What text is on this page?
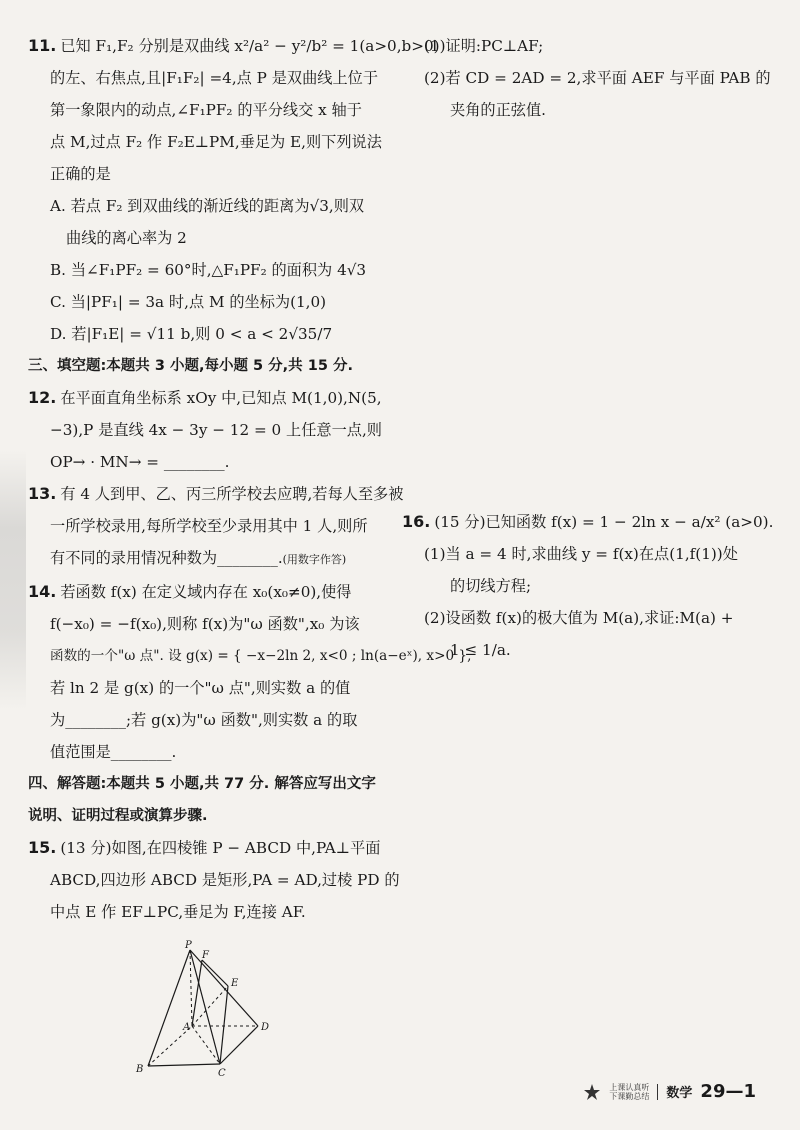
11. 已知 F₁,F₂ 分别是双曲线 x²/a² − y²/b² = 1(a>0,b>0)
的左、右焦点,且|F₁F₂| =4,点 P 是双曲线上位于
第一象限内的动点,∠F₁PF₂ 的平分线交 x 轴于
点 M,过点 F₂ 作 F₂E⊥PM,垂足为 E,则下列说法
正确的是
A. 若点 F₂ 到双曲线的渐近线的距离为√3,则双
曲线的离心率为 2
B. 当∠F₁PF₂ = 60°时,△F₁PF₂ 的面积为 4√3
C. 当|PF₁| = 3a 时,点 M 的坐标为(1,0)
D. 若|F₁E| = √11 b,则 0 < a < 2√35/7
三、填空题:本题共 3 小题,每小题 5 分,共 15 分.
12. 在平面直角坐标系 xOy 中,已知点 M(1,0),N(5,
−3),P 是直线 4x − 3y − 12 = 0 上任意一点,则
OP→ · MN→ = ________.
13. 有 4 人到甲、乙、丙三所学校去应聘,若每人至多被
一所学校录用,每所学校至少录用其中 1 人,则所
有不同的录用情况种数为________.(用数字作答)
14. 若函数 f(x) 在定义域内存在 x₀(x₀≠0),使得
f(−x₀) = −f(x₀),则称 f(x)为"ω 函数",x₀ 为该
函数的一个"ω 点". 设 g(x) = { −x−2ln 2, x<0 ; ln(a−eˣ), x>0 },
若 ln 2 是 g(x) 的一个"ω 点",则实数 a 的值
为________;若 g(x)为"ω 函数",则实数 a 的取
值范围是________.
四、解答题:本题共 5 小题,共 77 分. 解答应写出文字
说明、证明过程或演算步骤.
15. (13 分)如图,在四棱锥 P − ABCD 中,PA⊥平面
ABCD,四边形 ABCD 是矩形,PA = AD,过棱 PD 的
中点 E 作 EF⊥PC,垂足为 F,连接 AF.
P
F
E
A	D
B	C
(1)证明:PC⊥AF;
(2)若 CD = 2AD = 2,求平面 AEF 与平面 PAB 的
夹角的正弦值.
16. (15 分)已知函数 f(x) = 1 − 2ln x − a/x² (a>0).
(1)当 a = 4 时,求曲线 y = f(x)在点(1,f(1))处
的切线方程;
(2)设函数 f(x)的极大值为 M(a),求证:M(a) +
1 ≤ 1/a.
上课认真听
下课勤总结 数学 29—1
